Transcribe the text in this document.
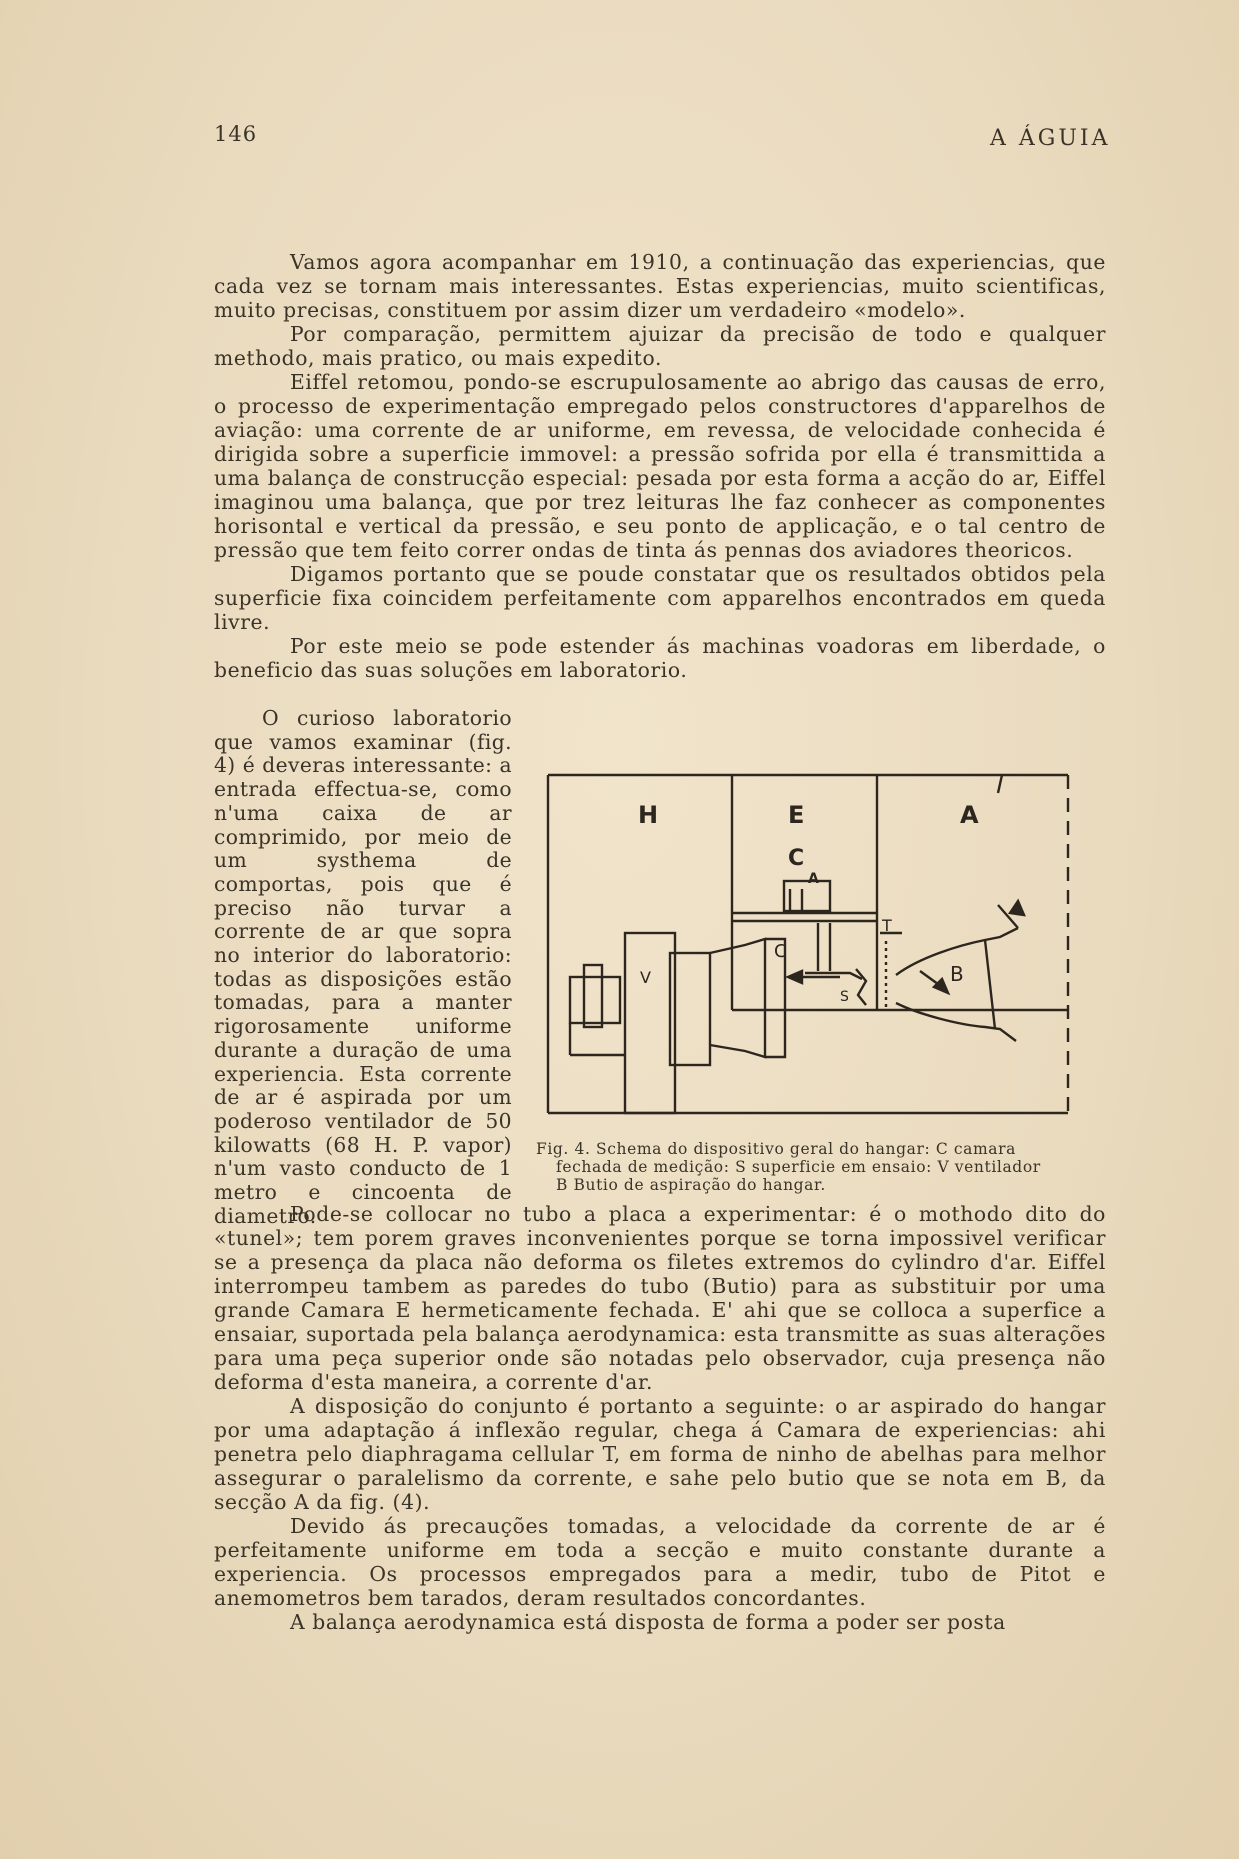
146	A ÁGUIA

Vamos agora acompanhar em 1910, a continuação das experiencias, que cada vez se tornam mais interessantes. Estas experiencias, muito scientificas, muito precisas, constituem por assim dizer um verdadeiro «modelo».

Por comparação, permittem ajuizar da precisão de todo e qualquer methodo, mais pratico, ou mais expedito.

Eiffel retomou, pondo-se escrupulosamente ao abrigo das causas de erro, o processo de experimentação empregado pelos constructores d'apparelhos de aviação: uma corrente de ar uniforme, em revessa, de velocidade conhecida é dirigida sobre a superficie immovel: a pressão sofrida por ella é transmittida a uma balança de construcção especial: pesada por esta forma a acção do ar, Eiffel imaginou uma balança, que por trez leituras lhe faz conhecer as componentes horisontal e vertical da pressão, e seu ponto de applicação, e o tal centro de pressão que tem feito correr ondas de tinta ás pennas dos aviadores theoricos.

Digamos portanto que se poude constatar que os resultados obtidos pela superficie fixa coincidem perfeitamente com apparelhos encontrados em queda livre.

Por este meio se pode estender ás machinas voadoras em liberdade, o beneficio das suas soluções em laboratorio.

O curioso laboratorio que vamos examinar (fig. 4) é deveras interessante: a entrada effectua-se, como n'uma caixa de ar comprimido, por meio de um systhema de comportas, pois que é preciso não turvar a corrente de ar que sopra no interior do laboratorio: todas as disposições estão tomadas, para a manter rigorosamente uniforme durante a duração de uma experiencia. Esta corrente de ar é aspirada por um poderoso ventilador de 50 kilowatts (68 H. P. vapor) n'um vasto conducto de 1 metro e cincoenta de diametro.

H	E	A
C
A
C
V
T
B
S
Fig. 4. Schema do dispositivo geral do hangar: C camara
fechada de medição: S superficie em ensaio: V ventilador
B Butio de aspiração do hangar.

Pode-se collocar no tubo a placa a experimentar: é o mothodo dito do «tunel»; tem porem graves inconvenientes porque se torna impossivel verificar se a presença da placa não deforma os filetes extremos do cylindro d'ar. Eiffel interrompeu tambem as paredes do tubo (Butio) para as substituir por uma grande Camara E hermeticamente fechada. E' ahi que se colloca a superfice a ensaiar, suportada pela balança aerodynamica: esta transmitte as suas alterações para uma peça superior onde são notadas pelo observador, cuja presença não deforma d'esta maneira, a corrente d'ar.

A disposição do conjunto é portanto a seguinte: o ar aspirado do hangar por uma adaptação á inflexão regular, chega á Camara de experiencias: ahi penetra pelo diaphragama cellular T, em forma de ninho de abelhas para melhor assegurar o paralelismo da corrente, e sahe pelo butio que se nota em B, da secção A da fig. (4).

Devido ás precauções tomadas, a velocidade da corrente de ar é perfeitamente uniforme em toda a secção e muito constante durante a experiencia. Os processos empregados para a medir, tubo de Pitot e anemometros bem tarados, deram resultados concordantes.

A balança aerodynamica está disposta de forma a poder ser posta
